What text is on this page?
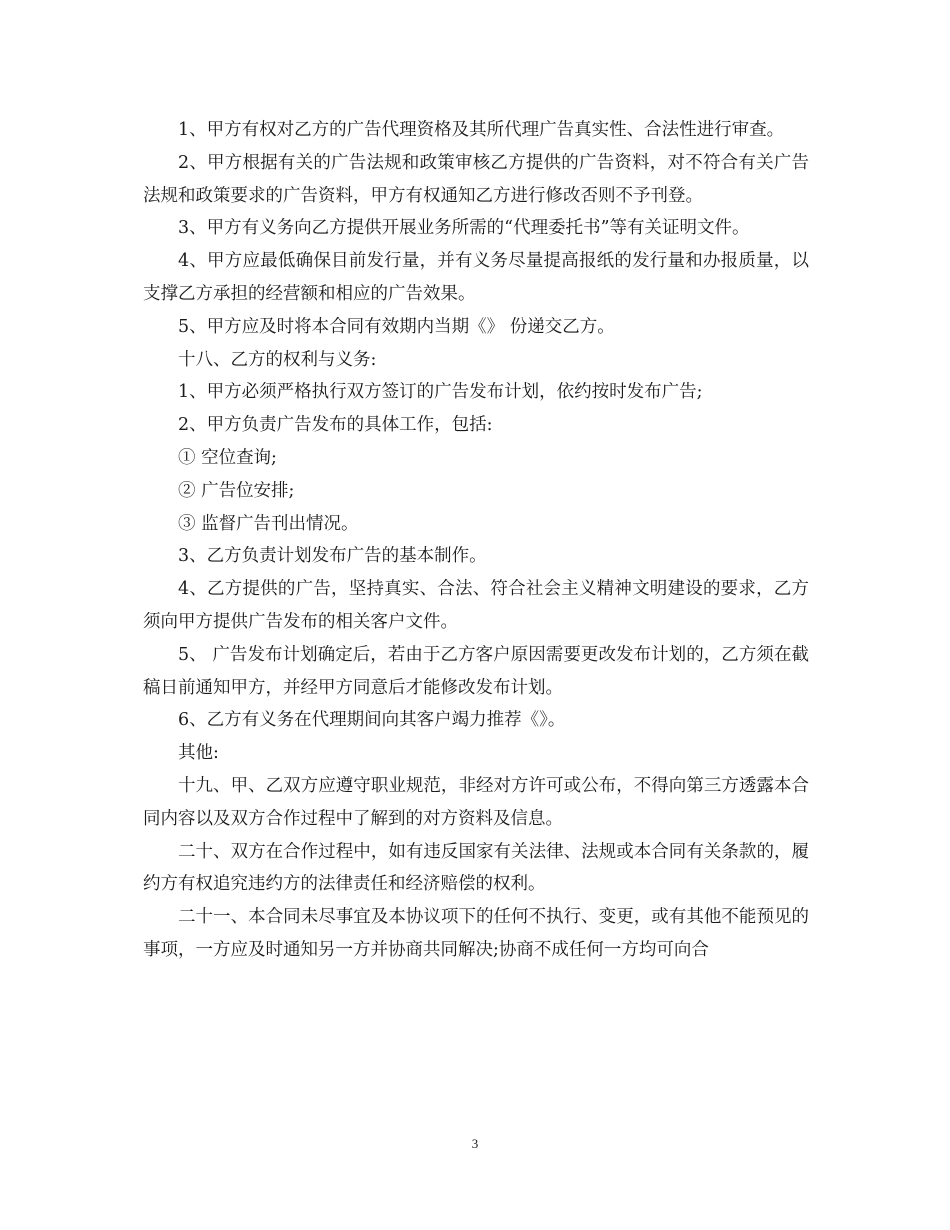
1、甲方有权对乙方的广告代理资格及其所代理广告真实性、合法性进行审查。

2、甲方根据有关的广告法规和政策审核乙方提供的广告资料，对不符合有关广告法规和政策要求的广告资料，甲方有权通知乙方进行修改否则不予刊登。

3、甲方有义务向乙方提供开展业务所需的“代理委托书”等有关证明文件。

4、甲方应最低确保目前发行量，并有义务尽量提高报纸的发行量和办报质量，以支撑乙方承担的经营额和相应的广告效果。

5、甲方应及时将本合同有效期内当期《》 份递交乙方。

十八、乙方的权利与义务:

1、甲方必须严格执行双方签订的广告发布计划，依约按时发布广告;

2、甲方负责广告发布的具体工作，包括:

① 空位查询;

② 广告位安排;

③ 监督广告刊出情况。

3、乙方负责计划发布广告的基本制作。

4、乙方提供的广告，坚持真实、合法、符合社会主义精神文明建设的要求，乙方须向甲方提供广告发布的相关客户文件。

5、 广告发布计划确定后，若由于乙方客户原因需要更改发布计划的，乙方须在截稿日前通知甲方，并经甲方同意后才能修改发布计划。

6、乙方有义务在代理期间向其客户竭力推荐《》。

其他:

十九、甲、乙双方应遵守职业规范，非经对方许可或公布，不得向第三方透露本合同内容以及双方合作过程中了解到的对方资料及信息。

二十、双方在合作过程中，如有违反国家有关法律、法规或本合同有关条款的，履约方有权追究违约方的法律责任和经济赔偿的权利。

二十一、本合同未尽事宜及本协议项下的任何不执行、变更，或有其他不能预见的事项，一方应及时通知另一方并协商共同解决;协商不成任何一方均可向合

3
